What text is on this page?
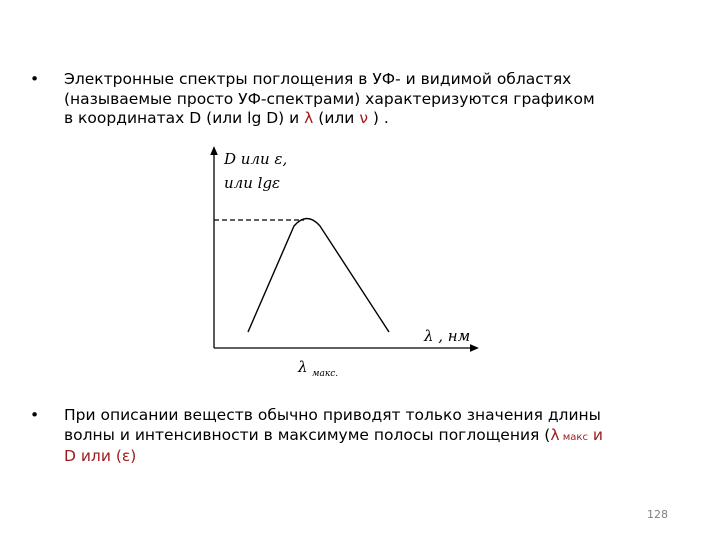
• Электронные спектры поглощения в УФ- и видимой областях
(называемые просто УФ-спектрами) характеризуются графиком
в координатах D (или lg D) и λ (или ν ) .
D или ε,
или lgε
λ , нм
λ макс.
• При описании веществ обычно приводят только значения длины
волны и интенсивности в максимуме полосы поглощения (λ макс и
D или (ε)
128
